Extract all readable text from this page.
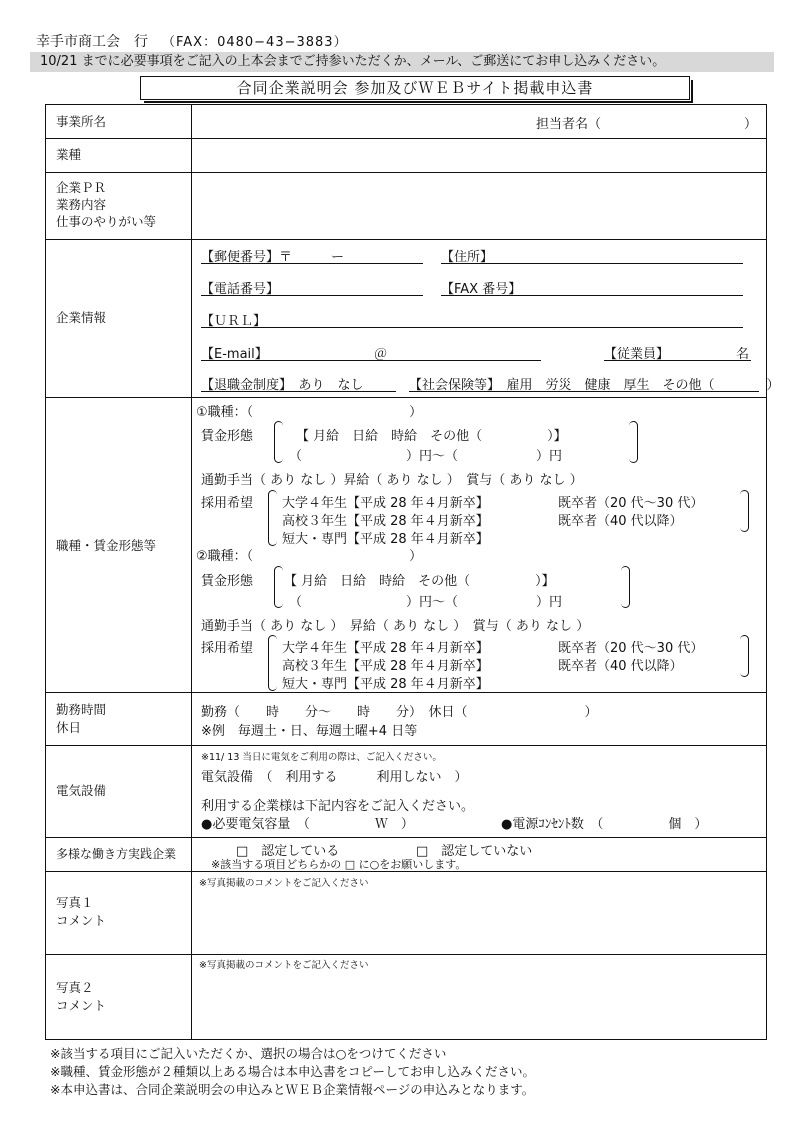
幸手市商工会　行 （FAX：0480−43−3883）
10/21 までに必要事項をご記入の上本会までご持参いただくか、メール、ご郵送にてお申し込みください。
合同企業説明会 参加及びＷＥＢサイト掲載申込書
事業所名	担当者名（　　　　　　　　　　　）
業種
企業ＰＲ
業務内容
仕事のやりがい等
企業情報
【郵便番号】〒　　　ー	【住所】
【電話番号】	【FAX 番号】
【ＵＲＬ】
【E-mail】	＠	【従業員】	名
【退職金制度】　あり　なし	【社会保険等】　雇用　労災　健康　厚生　その他（　　　　）
職種・賃金形態等
①職種：（　　　　　　　　　　　　）
賃金形態	【 月給　日給　時給　その他（　　　　　）】
（　　　　　　　　）円～（　　　　　　）円
通勤手当（ あり なし ）昇給（ あり なし ）　賞与（ あり なし ）
採用希望 大学４年生【平成 28 年４月新卒】
高校３年生【平成 28 年４月新卒】
短大・専門【平成 28 年４月新卒】
既卒者（20 代～30 代）
既卒者（40 代以降）
②職種：（　　　　　　　　　　　　）
賃金形態 【 月給　日給　時給　その他（　　　　　）】
（　　　　　　　　）円～（　　　　　　）円
通勤手当（ あり なし ）　昇給（ あり なし ）　賞与（ あり なし ）
採用希望 大学４年生【平成 28 年４月新卒】
高校３年生【平成 28 年４月新卒】
短大・専門【平成 28 年４月新卒】
既卒者（20 代～30 代）
既卒者（40 代以降）
勤務時間
休日
勤務（　　時　　分～　　時　　分）　休日（　　　　　　　　　）
※例　毎週土・日、毎週土曜+4 日等
電気設備
※11/ 13 当日に電気をご利用の際は、ご記入ください。
電気設備　（　利用する　　　利用しない　）
利用する企業様は下記内容をご記入ください。
●必要電気容量　（　　　　　Ｗ　）	●電源ｺﾝｾﾝﾄ数　（　　　　　個　）
多様な働き方実践企業	□　認定している	□　認定していない
※該当する項目どちらかの □ に○をお願いします。
写真１
コメント
※写真掲載のコメントをご記入ください
写真２
コメント
※写真掲載のコメントをご記入ください
※該当する項目にご記入いただくか、選択の場合は○をつけてください
※職種、賃金形態が２種類以上ある場合は本申込書をコピーしてお申し込みください。
※本申込書は、合同企業説明会の申込みとＷＥＢ企業情報ページの申込みとなります。
